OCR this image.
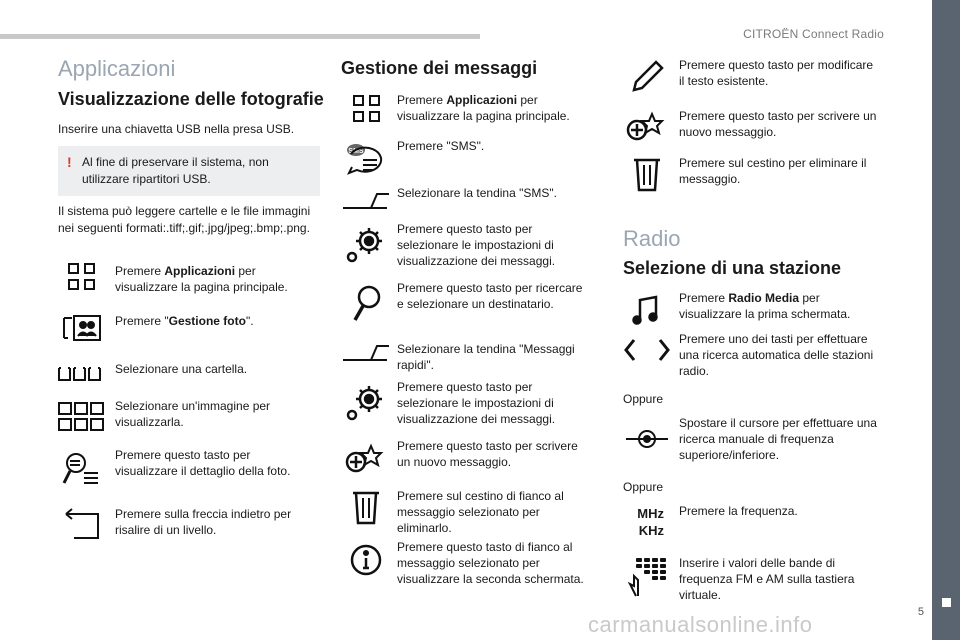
CITROËN Connect Radio
5
carmanualsonline.info
Applicazioni
Visualizzazione delle fotografie
Inserire una chiavetta USB nella presa USB.
! Al fine di preservare il sistema, non utilizzare ripartitori USB.
Il sistema può leggere cartelle e le file immagini nei seguenti formati:.tiff;.gif;.jpg/jpeg;.bmp;.png.
Premere Applicazioni per visualizzare la pagina principale.
Premere "Gestione foto".
Selezionare una cartella.
Selezionare un'immagine per visualizzarla.
Premere questo tasto per visualizzare il dettaglio della foto.
Premere sulla freccia indietro per risalire di un livello.
Gestione dei messaggi
Premere Applicazioni per visualizzare la pagina principale.
SMS	Premere "SMS".
Selezionare la tendina "SMS".
Premere questo tasto per selezionare le impostazioni di visualizzazione dei messaggi.
Premere questo tasto per ricercare e selezionare un destinatario.
Selezionare la tendina "Messaggi rapidi".
Premere questo tasto per selezionare le impostazioni di visualizzazione dei messaggi.
Premere questo tasto per scrivere un nuovo messaggio.
Premere sul cestino di fianco al messaggio selezionato per eliminarlo.
Premere questo tasto di fianco al messaggio selezionato per visualizzare la seconda schermata.
Premere questo tasto per modificare il testo esistente.
Premere questo tasto per scrivere un nuovo messaggio.
Premere sul cestino per eliminare il messaggio.
Radio
Selezione di una stazione
Premere Radio Media per visualizzare la prima schermata.
Premere uno dei tasti per effettuare una ricerca automatica delle stazioni radio.
Oppure
Spostare il cursore per effettuare una ricerca manuale di frequenza superiore/inferiore.
Oppure
MHz
KHz
Premere la frequenza.
Inserire i valori delle bande di frequenza FM e AM sulla tastiera virtuale.
